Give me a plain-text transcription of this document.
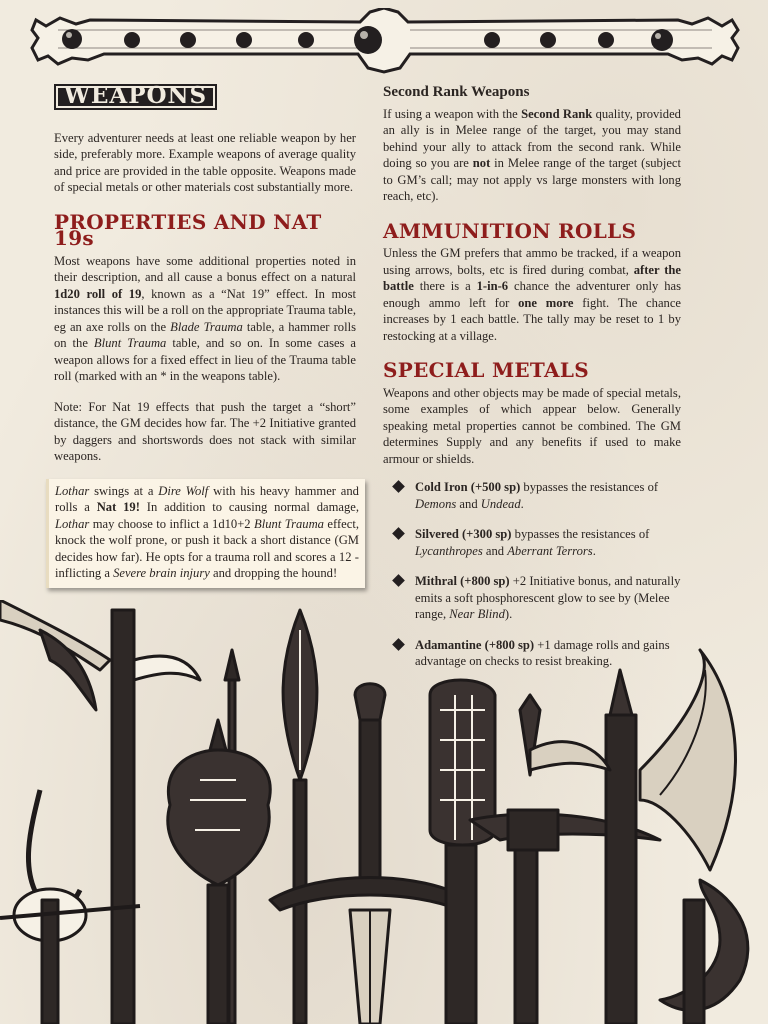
WEAPONS

Every adventurer needs at least one reliable weapon by her side, preferably more. Example weapons of average quality and price are provided in the table opposite. Weapons made of special metals or other materials cost substantially more.

PROPERTIES AND NAT 19s

Most weapons have some additional properties noted in their description, and all cause a bonus effect on a natural 1d20 roll of 19, known as a “Nat 19” effect. In most instances this will be a roll on the appropriate Trauma table, eg an axe rolls on the Blade Trauma table, a hammer rolls on the Blunt Trauma table, and so on. In some cases a weapon allows for a fixed effect in lieu of the Trauma table roll (marked with an * in the weapons table).

Note: For Nat 19 effects that push the target a “short” distance, the GM decides how far. The +2 Initiative granted by daggers and shortswords does not stack with similar weapons.

Lothar swings at a Dire Wolf with his heavy hammer and rolls a Nat 19! In addition to causing normal damage, Lothar may choose to inflict a 1d10+2 Blunt Trauma effect, knock the wolf prone, or push it back a short distance (GM decides how far). He opts for a trauma roll and scores a 12 - inflicting a Severe brain injury and dropping the hound!
Second Rank Weapons

If using a weapon with the Second Rank quality, provided an ally is in Melee range of the target, you may stand behind your ally to attack from the second rank. While doing so you are not in Melee range of the target (subject to GM’s call; may not apply vs large monsters with long reach, etc).

AMMUNITION ROLLS

Unless the GM prefers that ammo be tracked, if a weapon using arrows, bolts, etc is fired during combat, after the battle there is a 1-in-6 chance the adventurer only has enough ammo left for one more fight. The chance increases by 1 each battle. The tally may be reset to 1 by restocking at a village.

SPECIAL METALS

Weapons and other objects may be made of special metals, some examples of which appear below. Generally speaking metal properties cannot be combined. The GM determines Supply and any benefits if used to make armour or shields.

Cold Iron (+500 sp) bypasses the resistances of Demons and Undead.
Silvered (+300 sp) bypasses the resistances of Lycanthropes and Aberrant Terrors.
Mithral (+800 sp) +2 Initiative bonus, and naturally emits a soft phosphorescent glow to see by (Melee range, Near Blind).
Adamantine (+800 sp) +1 damage rolls and gains advantage on checks to resist breaking.
